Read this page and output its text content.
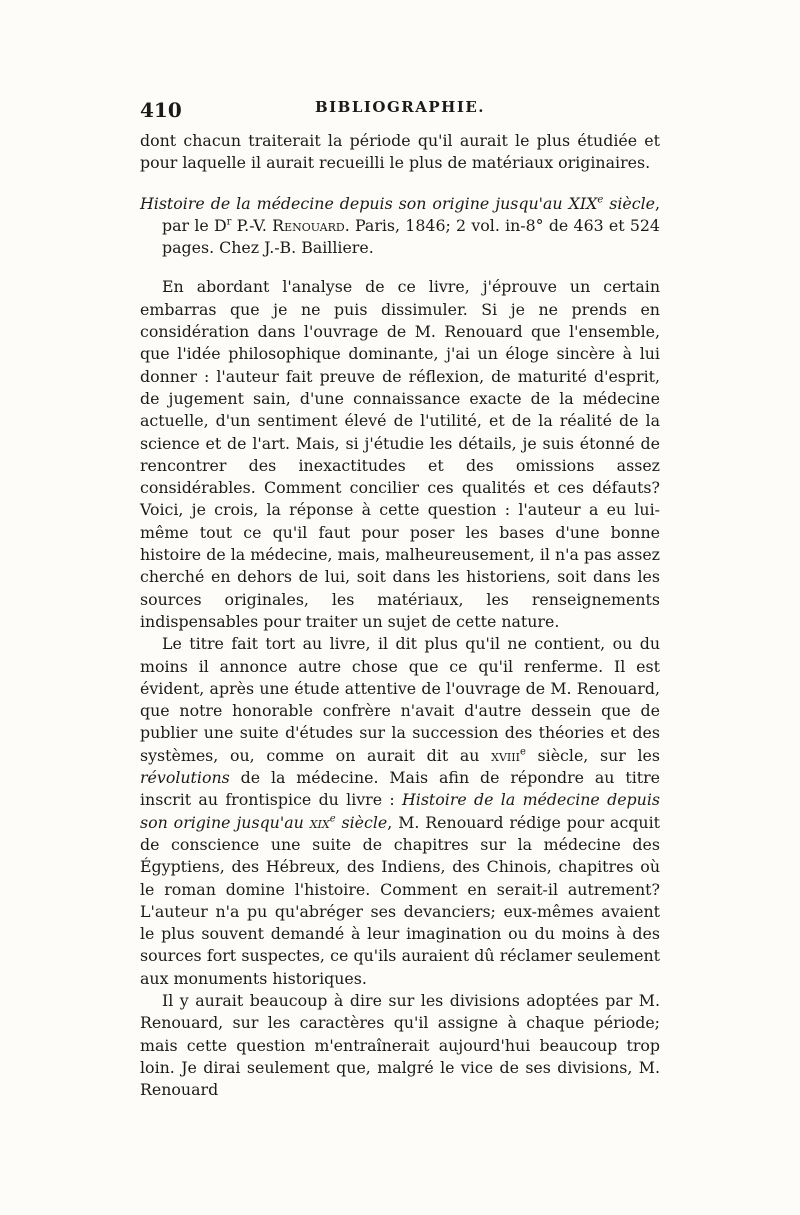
410	BIBLIOGRAPHIE.

dont chacun traiterait la période qu'il aurait le plus étudiée et pour laquelle il aurait recueilli le plus de matériaux originaires.

Histoire de la médecine depuis son origine jusqu'au XIXe siècle, par le $D^r$ P.-V. Renouard. Paris, 1846; 2 vol. in-8° de 463 et 524 pages. Chez J.-B. Bailliere.

En abordant l'analyse de ce livre, j'éprouve un certain embarras que je ne puis dissimuler. Si je ne prends en considération dans l'ouvrage de M. Renouard que l'ensemble, que l'idée philosophique dominante, j'ai un éloge sincère à lui donner : l'auteur fait preuve de réflexion, de maturité d'esprit, de jugement sain, d'une connaissance exacte de la médecine actuelle, d'un sentiment élevé de l'utilité, et de la réalité de la science et de l'art. Mais, si j'étudie les détails, je suis étonné de rencontrer des inexactitudes et des omissions assez considérables. Comment concilier ces qualités et ces défauts? Voici, je crois, la réponse à cette question : l'auteur a eu lui-même tout ce qu'il faut pour poser les bases d'une bonne histoire de la médecine, mais, malheureusement, il n'a pas assez cherché en dehors de lui, soit dans les historiens, soit dans les sources originales, les matériaux, les renseignements indispensables pour traiter un sujet de cette nature.

Le titre fait tort au livre, il dit plus qu'il ne contient, ou du moins il annonce autre chose que ce qu'il renferme. Il est évident, après une étude attentive de l'ouvrage de M. Renouard, que notre honorable confrère n'avait d'autre dessein que de publier une suite d'études sur la succession des théories et des systèmes, ou, comme on aurait dit au xviii$^e$ siècle, sur les révolutions de la médecine. Mais afin de répondre au titre inscrit au frontispice du livre : Histoire de la médecine depuis son origine jusqu'au xix$^e$ siècle, M. Renouard rédige pour acquit de conscience une suite de chapitres sur la médecine des Égyptiens, des Hébreux, des Indiens, des Chinois, chapitres où le roman domine l'histoire. Comment en serait-il autrement? L'auteur n'a pu qu'abréger ses devanciers; eux-mêmes avaient le plus souvent demandé à leur imagination ou du moins à des sources fort suspectes, ce qu'ils auraient dû réclamer seulement aux monuments historiques.

Il y aurait beaucoup à dire sur les divisions adoptées par M. Renouard, sur les caractères qu'il assigne à chaque période; mais cette question m'entraînerait aujourd'hui beaucoup trop loin. Je dirai seulement que, malgré le vice de ses divisions, M. Renouard
